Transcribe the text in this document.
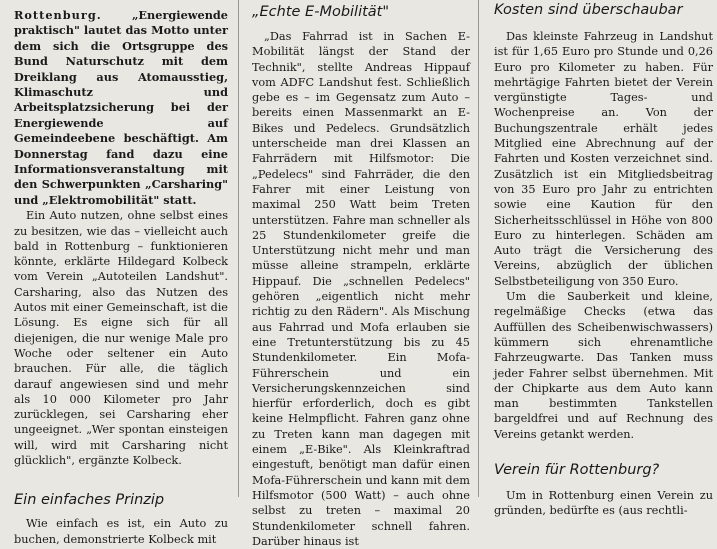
Rottenburg.	„Energiewende praktisch" lautet das Motto unter dem sich die Ortsgruppe des Bund Naturschutz mit dem Dreiklang aus Atomausstieg, Klimaschutz und Arbeitsplatzsicherung bei der Energiewende auf Gemeindeebene beschäftigt. Am Donnerstag fand dazu eine Informationsveranstaltung mit den Schwerpunkten „Carsharing" und „Elektromobilität" statt.

Ein Auto nutzen, ohne selbst eines zu besitzen, wie das – vielleicht auch bald in Rottenburg – funktionieren könnte, erklärte Hildegard Kolbeck vom Verein „Autoteilen Landshut". Carsharing, also das Nutzen des Autos mit einer Gemeinschaft, ist die Lösung. Es eigne sich für all diejenigen, die nur wenige Male pro Woche oder seltener ein Auto brauchen. Für alle, die täglich darauf angewiesen sind und mehr als 10 000 Kilometer pro Jahr zurücklegen, sei Carsharing eher ungeeignet. „Wer spontan einsteigen will, wird mit Carsharing nicht glücklich", ergänzte Kolbeck.

Ein einfaches Prinzip

Wie einfach es ist, ein Auto zu buchen, demonstrierte Kolbeck mit

„Echte E-Mobilität"

„Das Fahrrad ist in Sachen E-Mobilität längst der Stand der Technik", stellte Andreas Hippauf vom ADFC Landshut fest. Schließlich gebe es – im Gegensatz zum Auto – bereits einen Massenmarkt an E-Bikes und Pedelecs. Grundsätzlich unterscheide man drei Klassen an Fahrrädern mit Hilfsmotor: Die „Pedelecs" sind Fahrräder, die den Fahrer mit einer Leistung von maximal 250 Watt beim Treten unterstützen. Fahre man schneller als 25 Stundenkilometer greife die Unterstützung nicht mehr und man müsse alleine strampeln, erklärte Hippauf. Die „schnellen Pedelecs" gehören „eigentlich nicht mehr richtig zu den Rädern". Als Mischung aus Fahrrad und Mofa erlauben sie eine Tretunterstützung bis zu 45 Stundenkilometer. Ein Mofa-Führerschein und ein Versicherungskennzeichen sind hierfür erforderlich, doch es gibt keine Helmpflicht. Fahren ganz ohne zu Treten kann man dagegen mit einem „E-Bike". Als Kleinkraftrad eingestuft, benötigt man dafür einen Mofa-Führerschein und kann mit dem Hilfsmotor (500 Watt) – auch ohne selbst zu treten – maximal 20 Stundenkilometer schnell fahren. Darüber hinaus ist

Kosten sind überschaubar

Das kleinste Fahrzeug in Landshut ist für 1,65 Euro pro Stunde und 0,26 Euro pro Kilometer zu haben. Für mehrtägige Fahrten bietet der Verein vergünstigte Tages- und Wochenpreise an. Von der Buchungszentrale erhält jedes Mitglied eine Abrechnung auf der Fahrten und Kosten verzeichnet sind. Zusätzlich ist ein Mitgliedsbeitrag von 35 Euro pro Jahr zu entrichten sowie eine Kaution für den Sicherheitsschlüssel in Höhe von 800 Euro zu hinterlegen. Schäden am Auto trägt die Versicherung des Vereins, abzüglich der üblichen Selbstbeteiligung von 350 Euro.

Um die Sauberkeit und kleine, regelmäßige Checks (etwa das Auffüllen des Scheibenwischwassers) kümmern sich ehrenamtliche Fahrzeugwarte. Das Tanken muss jeder Fahrer selbst übernehmen. Mit der Chipkarte aus dem Auto kann man bestimmten Tankstellen bargeldfrei und auf Rechnung des Vereins getankt werden.

Verein für Rottenburg?

Um in Rottenburg einen Verein zu gründen, bedürfte es (aus rechtli-
